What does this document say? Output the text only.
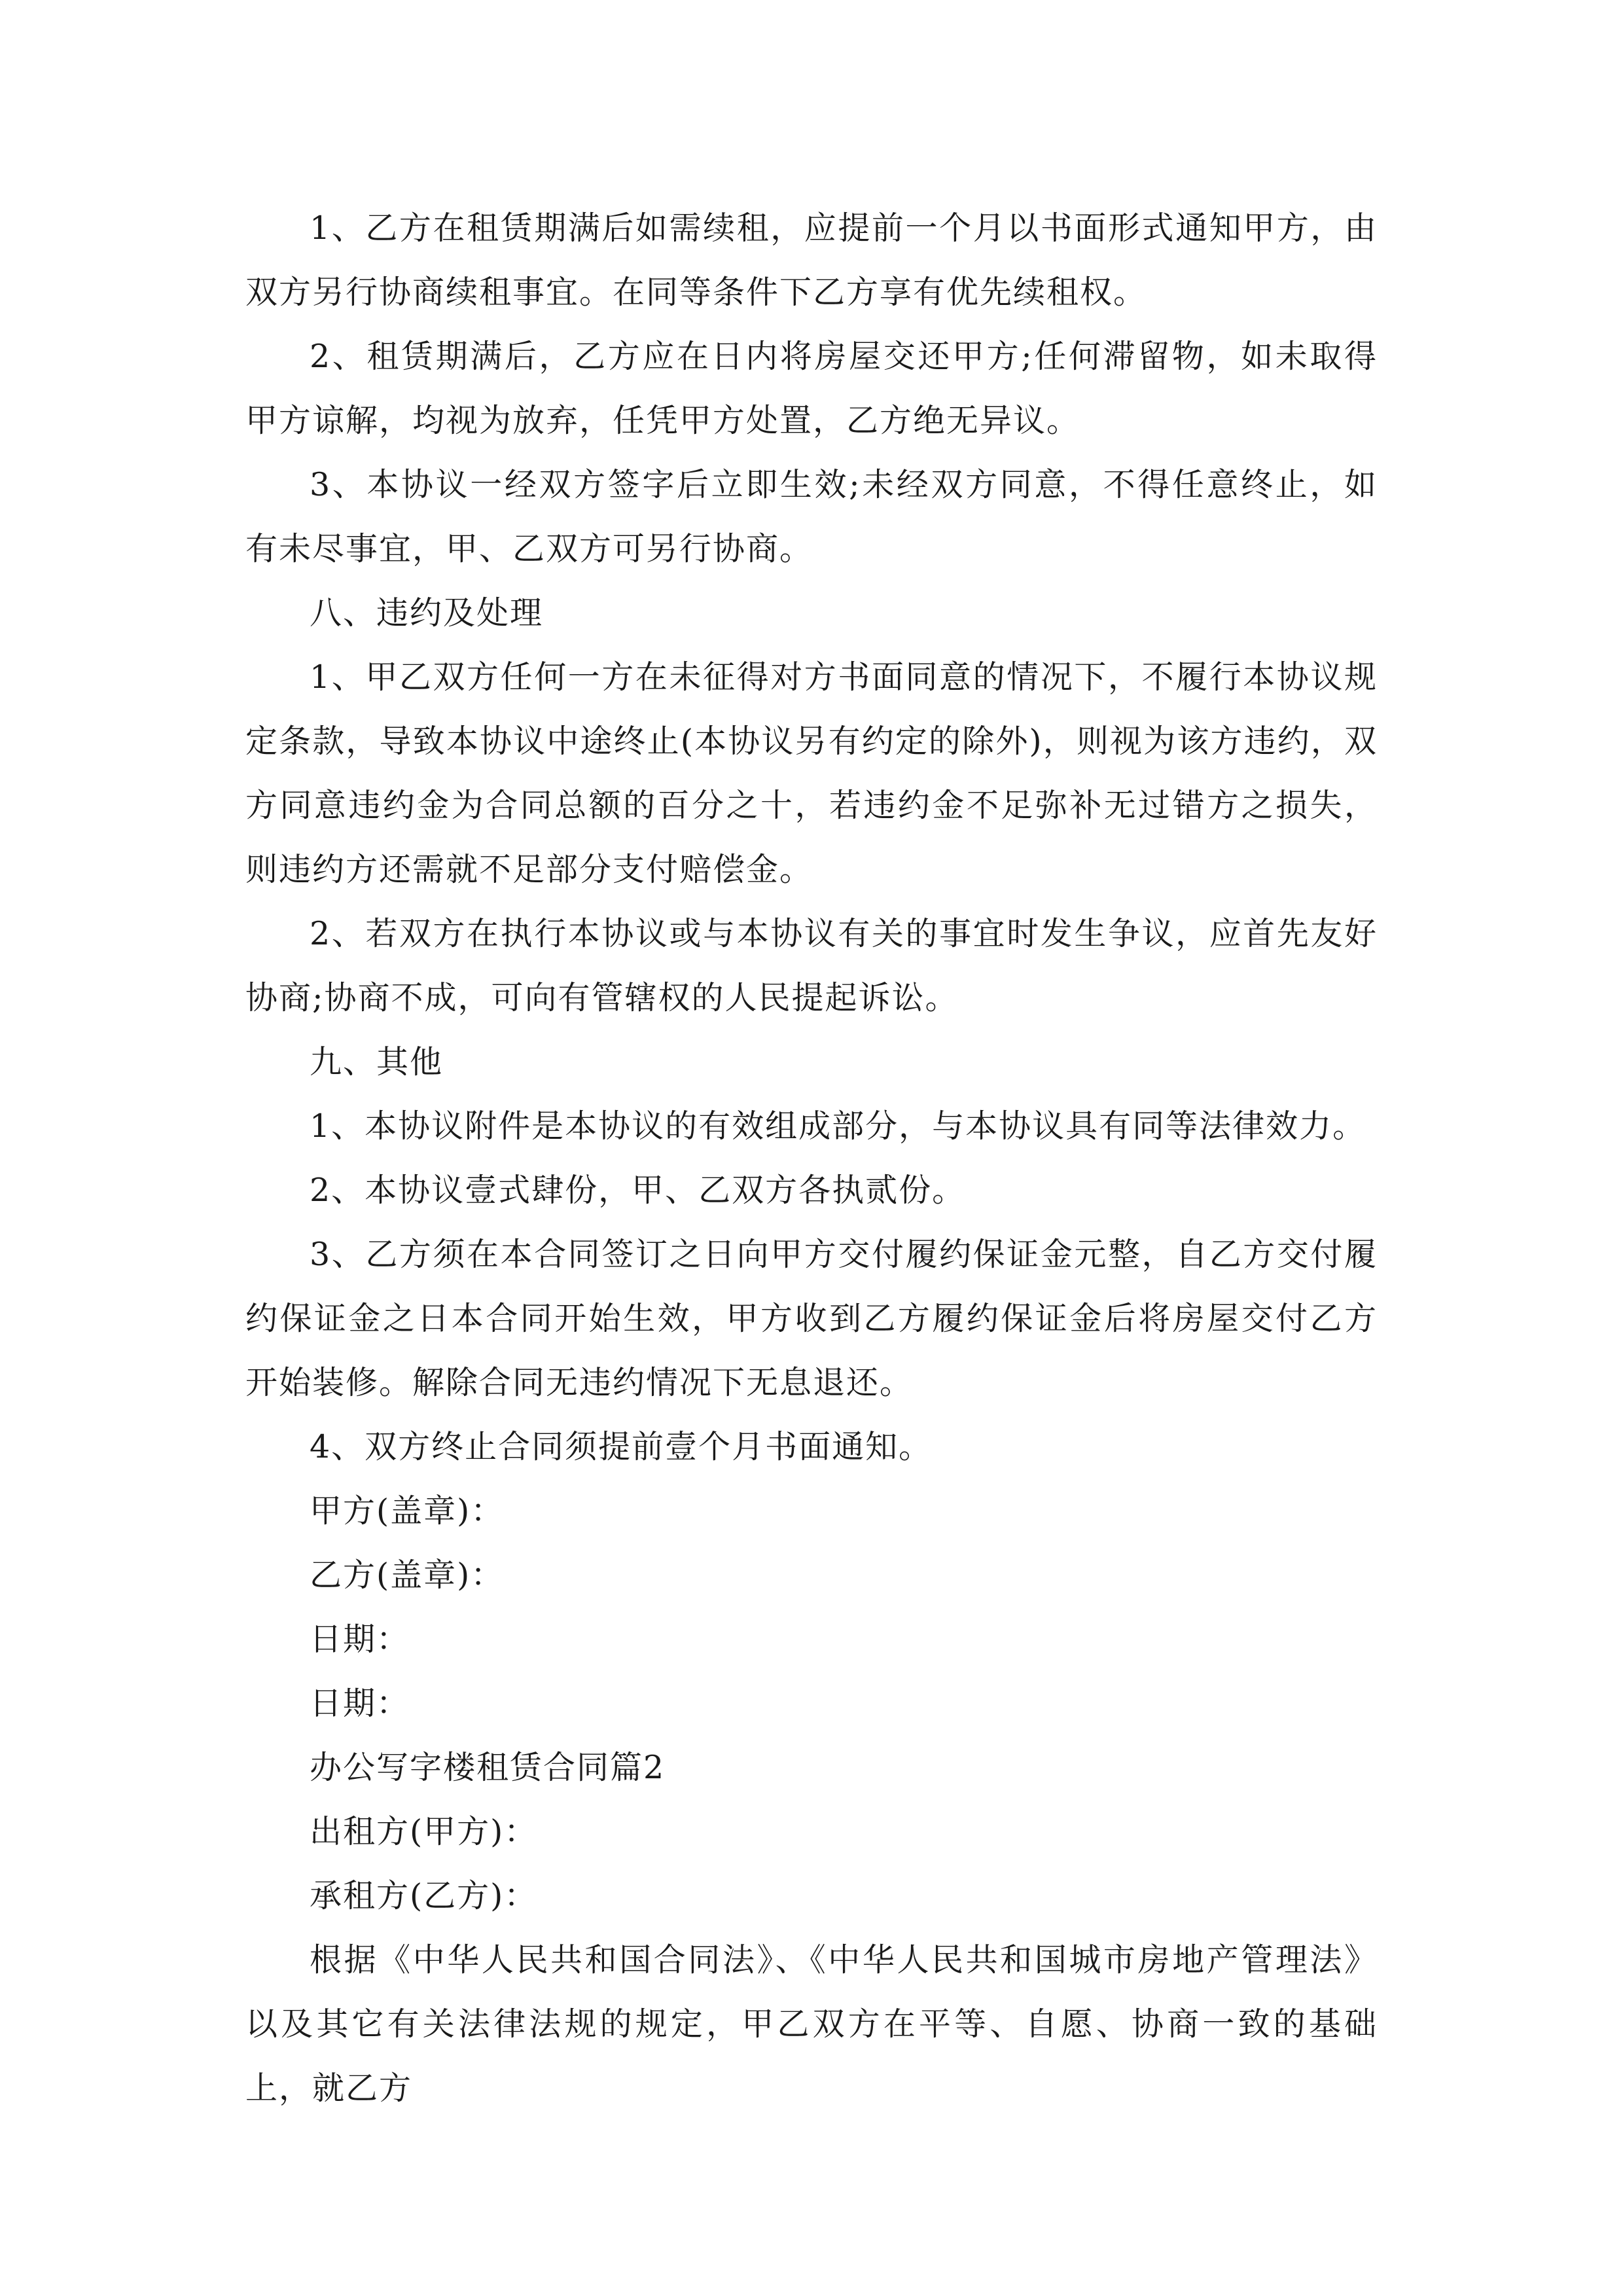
1、乙方在租赁期满后如需续租，应提前一个月以书面形式通知甲方，由双方另行协商续租事宜。在同等条件下乙方享有优先续租权。

2、租赁期满后，乙方应在日内将房屋交还甲方;任何滞留物，如未取得甲方谅解，均视为放弃，任凭甲方处置，乙方绝无异议。

3、本协议一经双方签字后立即生效;未经双方同意，不得任意终止，如有未尽事宜，甲、乙双方可另行协商。

八、违约及处理

1、甲乙双方任何一方在未征得对方书面同意的情况下，不履行本协议规定条款，导致本协议中途终止(本协议另有约定的除外)，则视为该方违约，双方同意违约金为合同总额的百分之十，若违约金不足弥补无过错方之损失，则违约方还需就不足部分支付赔偿金。

2、若双方在执行本协议或与本协议有关的事宜时发生争议，应首先友好协商;协商不成，可向有管辖权的人民提起诉讼。

九、其他

1、本协议附件是本协议的有效组成部分，与本协议具有同等法律效力。

2、本协议壹式肆份，甲、乙双方各执贰份。

3、乙方须在本合同签订之日向甲方交付履约保证金元整，自乙方交付履约保证金之日本合同开始生效，甲方收到乙方履约保证金后将房屋交付乙方开始装修。解除合同无违约情况下无息退还。

4、双方终止合同须提前壹个月书面通知。

甲方(盖章)：

乙方(盖章)：

日期：

日期：

办公写字楼租赁合同篇2

出租方(甲方)：

承租方(乙方)：

根据《中华人民共和国合同法》、《中华人民共和国城市房地产管理法》以及其它有关法律法规的规定，甲乙双方在平等、自愿、协商一致的基础上，就乙方
